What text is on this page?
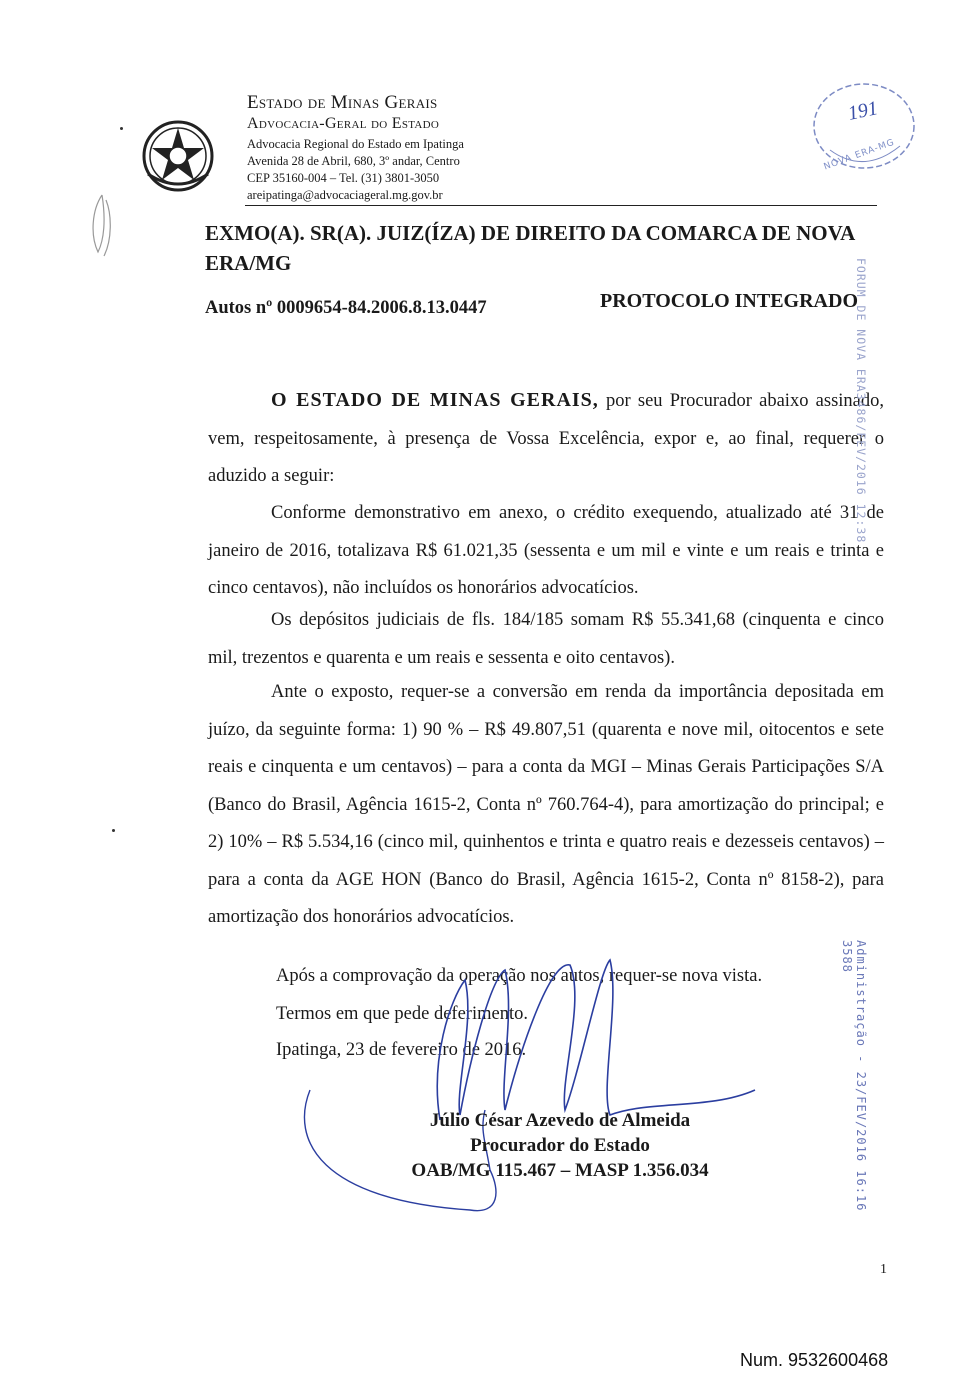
Estado de Minas Gerais
Advocacia-Geral do Estado
Advocacia Regional do Estado em Ipatinga
Avenida 28 de Abril, 680, 3º andar, Centro
CEP 35160-004 – Tel. (31) 3801-3050
areipatinga@advocaciageral.mg.gov.br
191
NOVA ERA-MG
EXMO(A). SR(A). JUIZ(ÍZA) DE DIREITO DA COMARCA DE NOVA ERA/MG
Autos nº 0009654-84.2006.8.13.0447	PROTOCOLO INTEGRADO
O ESTADO DE MINAS GERAIS, por seu Procurador abaixo assinado, vem, respeitosamente, à presença de Vossa Excelência, expor e, ao final, requerer o aduzido a seguir:
Conforme demonstrativo em anexo, o crédito exequendo, atualizado até 31 de janeiro de 2016, totalizava R$ 61.021,35 (sessenta e um mil e vinte e um reais e trinta e cinco centavos), não incluídos os honorários advocatícios.
Os depósitos judiciais de fls. 184/185 somam R$ 55.341,68 (cinquenta e cinco mil, trezentos e quarenta e um reais e sessenta e oito centavos).
Ante o exposto, requer-se a conversão em renda da importância depositada em juízo, da seguinte forma: 1) 90 % – R$ 49.807,51 (quarenta e nove mil, oitocentos e sete reais e cinquenta e um centavos) – para a conta da MGI – Minas Gerais Participações S/A (Banco do Brasil, Agência 1615-2, Conta nº 760.764-4), para amortização do principal; e 2) 10% – R$ 5.534,16 (cinco mil, quinhentos e trinta e quatro reais e dezesseis centavos) – para a conta da AGE HON (Banco do Brasil, Agência 1615-2, Conta nº 8158-2), para amortização dos honorários advocatícios.
Após a comprovação da operação nos autos, requer-se nova vista.
Termos em que pede deferimento.
Ipatinga, 23 de fevereiro de 2016.
Júlio César Azevedo de Almeida
Procurador do Estado
OAB/MG 115.467 – MASP 1.356.034
FORUM DE NOVA ERA3486/FEV/2016 12:38
Administração - 23/FEV/2016 16:16 3588
1
Num. 9532600468
